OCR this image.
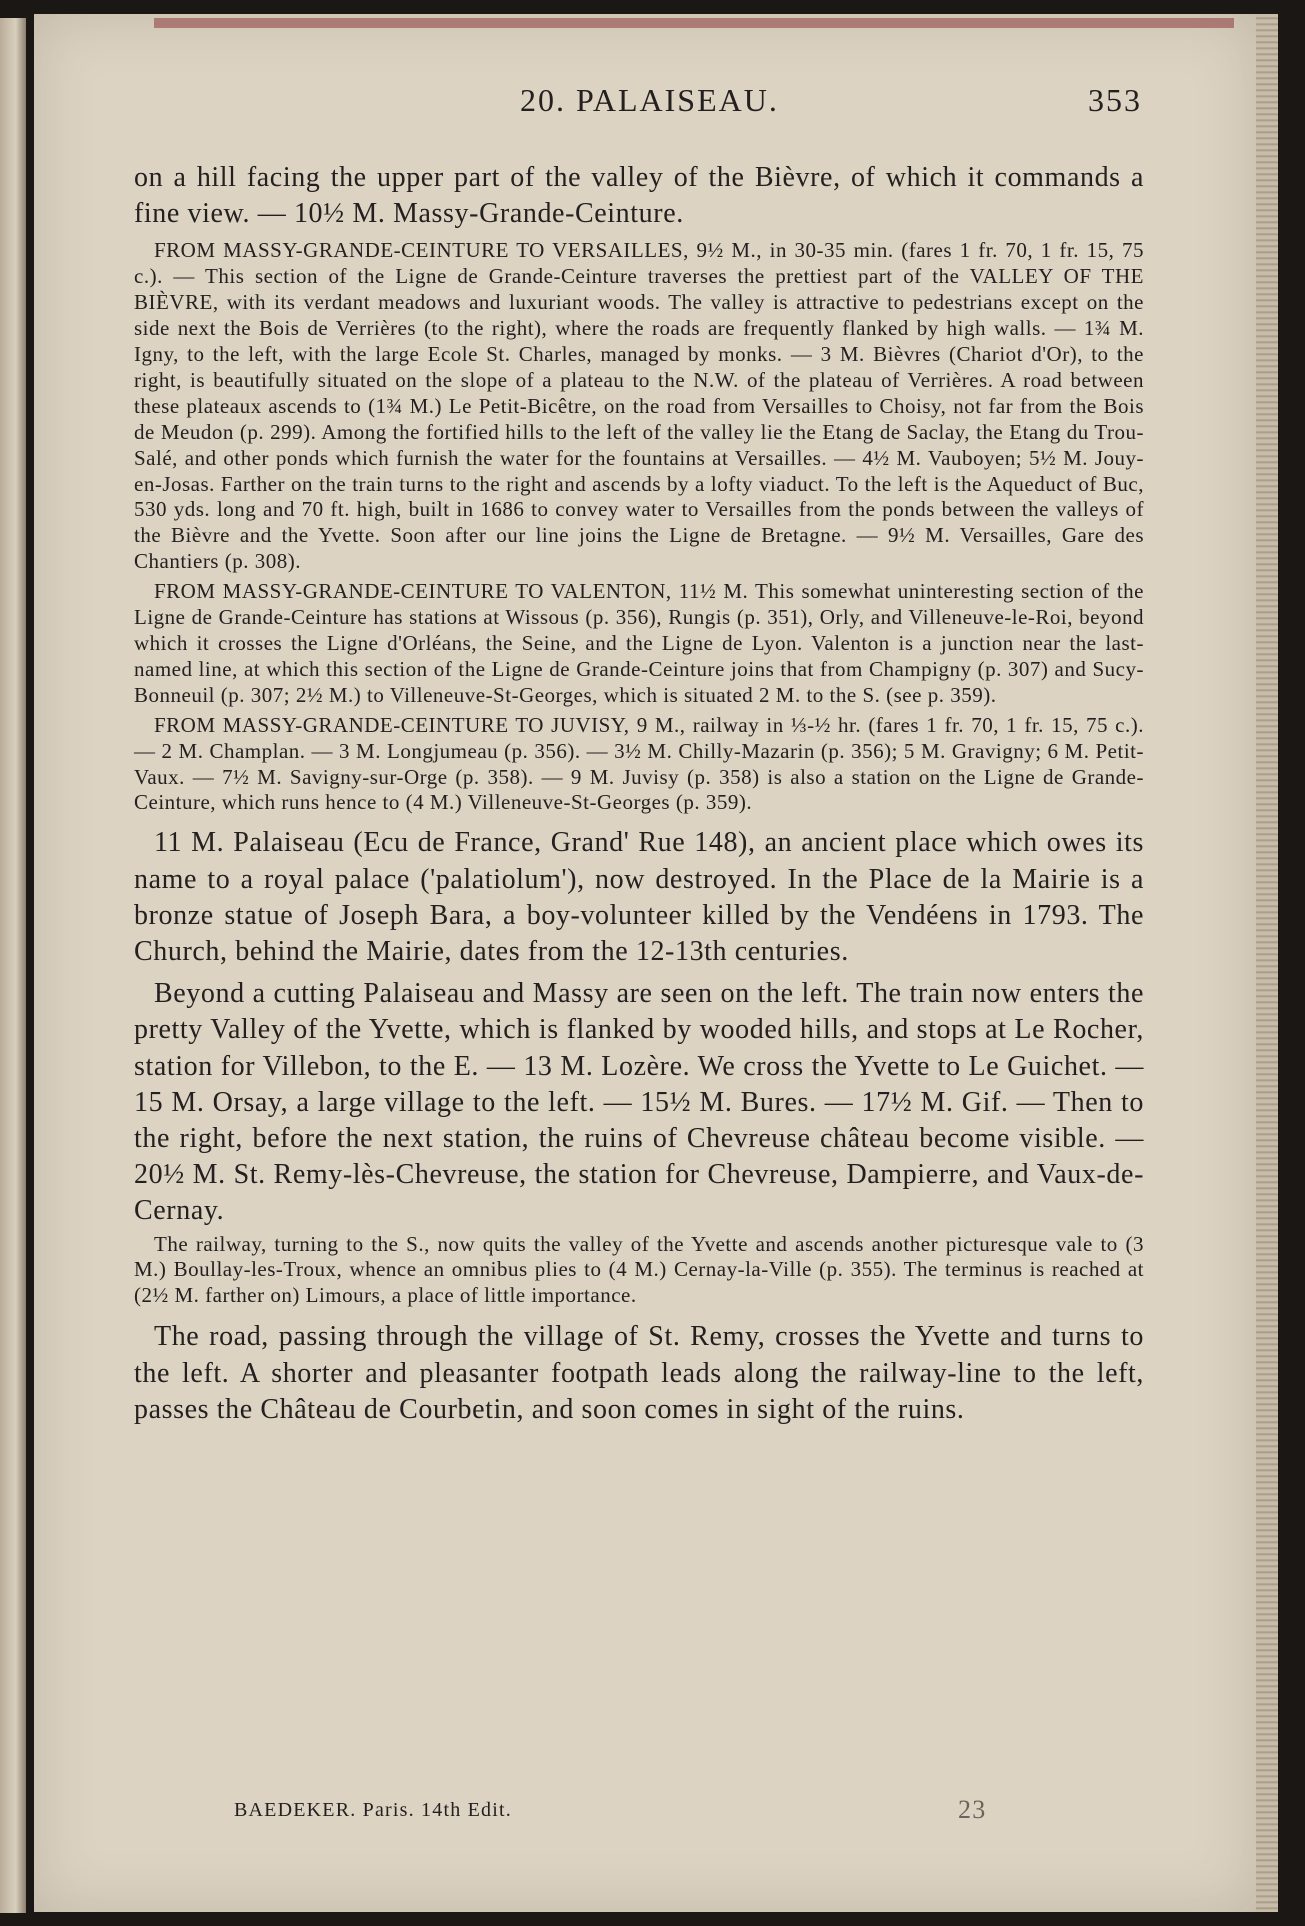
20. PALAISEAU.	353

on a hill facing the upper part of the valley of the Bièvre, of which it commands a fine view. — 10½ M. Massy-Grande-Ceinture.

FROM MASSY-GRANDE-CEINTURE TO VERSAILLES, 9½ M., in 30-35 min. (fares 1 fr. 70, 1 fr. 15, 75 c.). — This section of the Ligne de Grande-Ceinture traverses the prettiest part of the VALLEY OF THE BIÈVRE, with its verdant meadows and luxuriant woods. The valley is attractive to pedestrians except on the side next the Bois de Verrières (to the right), where the roads are frequently flanked by high walls. — 1¾ M. Igny, to the left, with the large Ecole St. Charles, managed by monks. — 3 M. Bièvres (Chariot d'Or), to the right, is beautifully situated on the slope of a plateau to the N.W. of the plateau of Verrières. A road between these plateaux ascends to (1¾ M.) Le Petit-Bicêtre, on the road from Versailles to Choisy, not far from the Bois de Meudon (p. 299). Among the fortified hills to the left of the valley lie the Etang de Saclay, the Etang du Trou-Salé, and other ponds which furnish the water for the fountains at Versailles. — 4½ M. Vauboyen; 5½ M. Jouy-en-Josas. Farther on the train turns to the right and ascends by a lofty viaduct. To the left is the Aqueduct of Buc, 530 yds. long and 70 ft. high, built in 1686 to convey water to Versailles from the ponds between the valleys of the Bièvre and the Yvette. Soon after our line joins the Ligne de Bretagne. — 9½ M. Versailles, Gare des Chantiers (p. 308).

FROM MASSY-GRANDE-CEINTURE TO VALENTON, 11½ M. This somewhat uninteresting section of the Ligne de Grande-Ceinture has stations at Wissous (p. 356), Rungis (p. 351), Orly, and Villeneuve-le-Roi, beyond which it crosses the Ligne d'Orléans, the Seine, and the Ligne de Lyon. Valenton is a junction near the last-named line, at which this section of the Ligne de Grande-Ceinture joins that from Champigny (p. 307) and Sucy-Bonneuil (p. 307; 2½ M.) to Villeneuve-St-Georges, which is situated 2 M. to the S. (see p. 359).

FROM MASSY-GRANDE-CEINTURE TO JUVISY, 9 M., railway in ⅓-½ hr. (fares 1 fr. 70, 1 fr. 15, 75 c.). — 2 M. Champlan. — 3 M. Longjumeau (p. 356). — 3½ M. Chilly-Mazarin (p. 356); 5 M. Gravigny; 6 M. Petit-Vaux. — 7½ M. Savigny-sur-Orge (p. 358). — 9 M. Juvisy (p. 358) is also a station on the Ligne de Grande-Ceinture, which runs hence to (4 M.) Villeneuve-St-Georges (p. 359).

11 M. Palaiseau (Ecu de France, Grand' Rue 148), an ancient place which owes its name to a royal palace ('palatiolum'), now destroyed. In the Place de la Mairie is a bronze statue of Joseph Bara, a boy-volunteer killed by the Vendéens in 1793. The Church, behind the Mairie, dates from the 12-13th centuries.

Beyond a cutting Palaiseau and Massy are seen on the left. The train now enters the pretty Valley of the Yvette, which is flanked by wooded hills, and stops at Le Rocher, station for Villebon, to the E. — 13 M. Lozère. We cross the Yvette to Le Guichet. — 15 M. Orsay, a large village to the left. — 15½ M. Bures. — 17½ M. Gif. — Then to the right, before the next station, the ruins of Chevreuse château become visible. — 20½ M. St. Remy-lès-Chevreuse, the station for Chevreuse, Dampierre, and Vaux-de-Cernay.

The railway, turning to the S., now quits the valley of the Yvette and ascends another picturesque vale to (3 M.) Boullay-les-Troux, whence an omnibus plies to (4 M.) Cernay-la-Ville (p. 355). The terminus is reached at (2½ M. farther on) Limours, a place of little importance.

The road, passing through the village of St. Remy, crosses the Yvette and turns to the left. A shorter and pleasanter footpath leads along the railway-line to the left, passes the Château de Courbetin, and soon comes in sight of the ruins.

BAEDEKER. Paris. 14th Edit.	23
